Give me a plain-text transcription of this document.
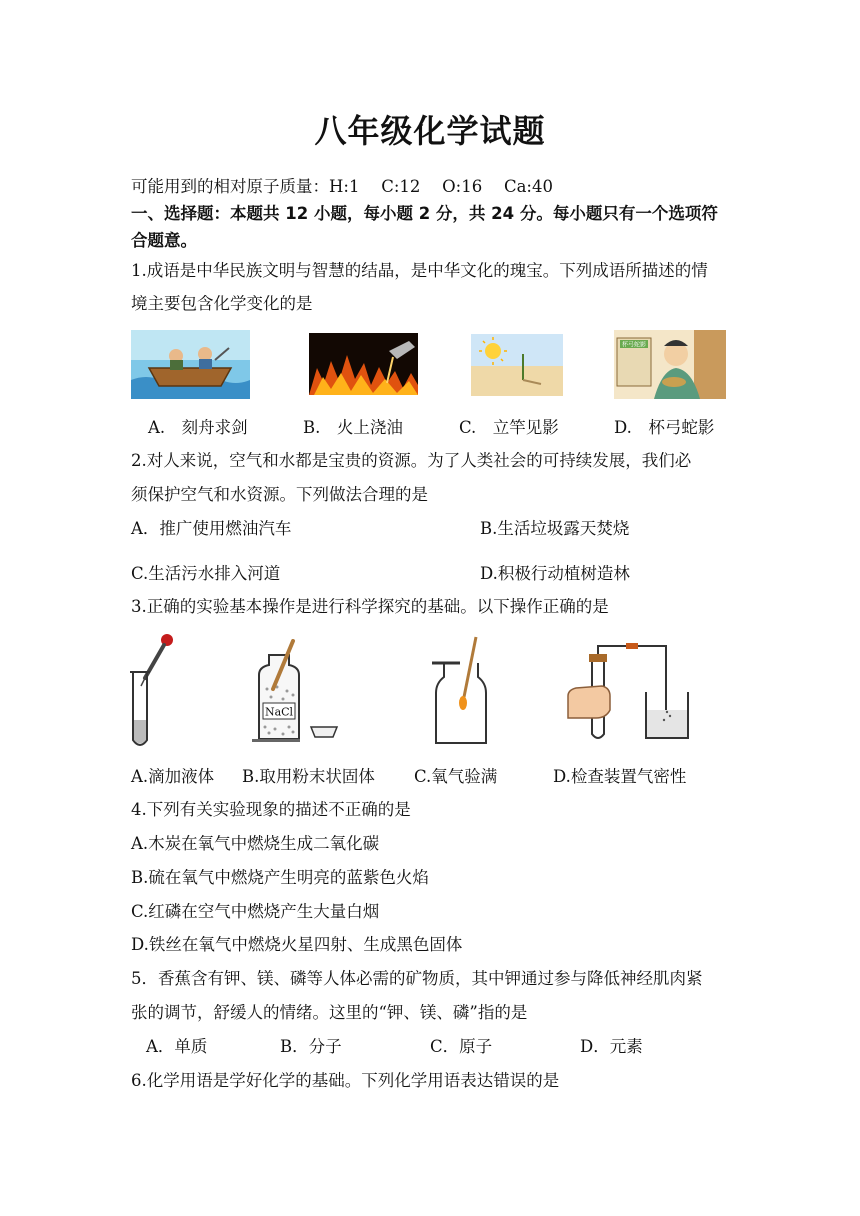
八年级化学试题
可能用到的相对原子质量：H:1　 C:12　 O:16　 Ca:40
一、选择题：本题共 12 小题，每小题 2 分，共 24 分。每小题只有一个选项符
合题意。
1.成语是中华民族文明与智慧的结晶，是中华文化的瑰宝。下列成语所描述的情
境主要包含化学变化的是
杯弓蛇影
A.　刻舟求剑	B.　火上浇油	C.　立竿见影	D.　杯弓蛇影
2.对人来说，空气和水都是宝贵的资源。为了人类社会的可持续发展，我们必
须保护空气和水资源。下列做法合理的是
A．推广使用燃油汽车	B.生活垃圾露天焚烧
C.生活污水排入河道	D.积极行动植树造林
3.正确的实验基本操作是进行科学探究的基础。以下操作正确的是
NaCl
A.滴加液体 B.取用粉末状固体 C.氧气验满	D.检查装置气密性
4.下列有关实验现象的描述不正确的是
A.木炭在氧气中燃烧生成二氧化碳
B.硫在氧气中燃烧产生明亮的蓝紫色火焰
C.红磷在空气中燃烧产生大量白烟
D.铁丝在氧气中燃烧火星四射、生成黑色固体
5．香蕉含有钾、镁、磷等人体必需的矿物质，其中钾通过参与降低神经肌肉紧
张的调节，舒缓人的情绪。这里的“钾、镁、磷”指的是
A．单质	B．分子	C．原子	D．元素
6.化学用语是学好化学的基础。下列化学用语表达错误的是
